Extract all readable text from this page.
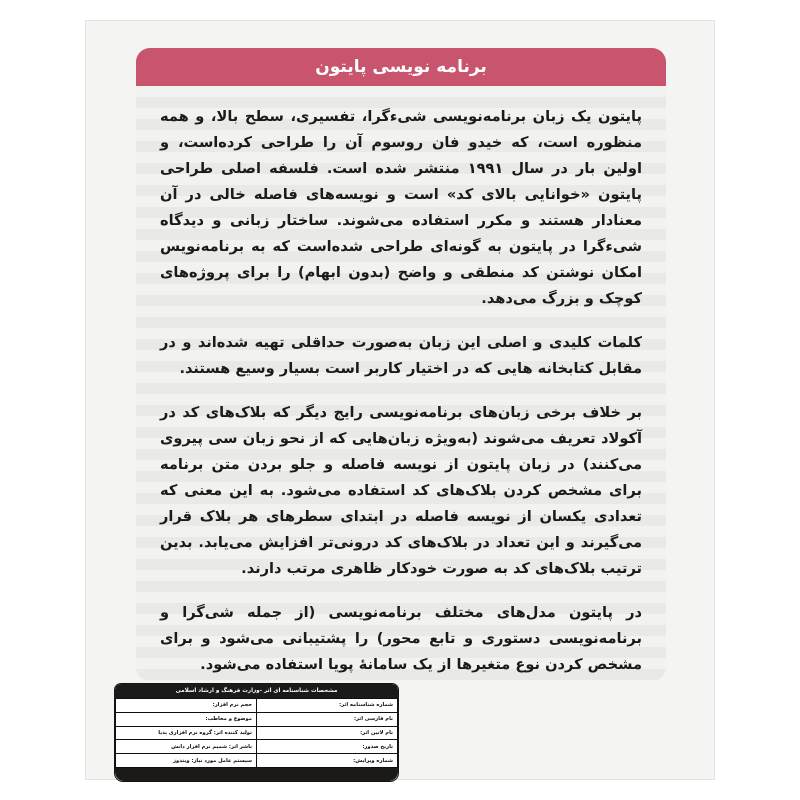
برنامه نویسی پایتون

پایتون یک زبان برنامه‌نویسی شیءگرا، تفسیری، سطح بالا، و همه منظوره است، که خیدو فان روسوم آن را طراحی کرده‌است، و اولین بار در سال ۱۹۹۱ منتشر شده است. فلسفه اصلی طراحی پایتون «خوانایی بالای کد» است و نویسه‌های فاصله خالی در آن معنادار هستند و مکرر استفاده می‌شوند. ساختار زبانی و دیدگاه شیءگرا در پایتون به گونه‌ای طراحی شده‌است که به برنامه‌نویس امکان نوشتن کد منطقی و واضح (بدون ابهام) را برای پروژه‌های کوچک و بزرگ می‌دهد.

کلمات کلیدی و اصلی این زبان به‌صورت حداقلی تهیه شده‌اند و در مقابل کتابخانه هایی که در اختیار کاربر است بسیار وسیع هستند.

بر خلاف برخی زبان‌های برنامه‌نویسی رایج دیگر که بلاک‌های کد در آکولاد تعریف می‌شوند (به‌ویژه زبان‌هایی که از نحو زبان سی پیروی می‌کنند) در زبان پایتون از نویسه فاصله و جلو بردن متن برنامه برای مشخص کردن بلاک‌های کد استفاده می‌شود. به این معنی که تعدادی یکسان از نویسه فاصله در ابتدای سطرهای هر بلاک قرار می‌گیرند و این تعداد در بلاک‌های کد درونی‌تر افزایش می‌یابد. بدین ترتیب بلاک‌های کد به صورت خودکار ظاهری مرتب دارند.

در پایتون مدل‌های مختلف برنامه‌نویسی (از جمله شی‌گرا و برنامه‌نویسی دستوری و تابع محور) را پشتیبانی می‌شود و برای مشخص کردن نوع متغیرها از یک سامانهٔ پویا استفاده می‌شود.

مشخصات شناسنامه ای اثر -وزارت فرهنگ و ارشاد اسلامی
شماره شناسنامه اثر:	حجم نرم افزار:
نام فارسی اثر:	موضوع و مخاطب:
نام لاتین اثر:	تولید کننده اثر: گروه نرم افزاری پدیا
تاریخ صدور:	ناشر اثر: شمیم نرم افزار دانش
شماره ویرایش:	سیستم عامل مورد نیاز: ویندوز
